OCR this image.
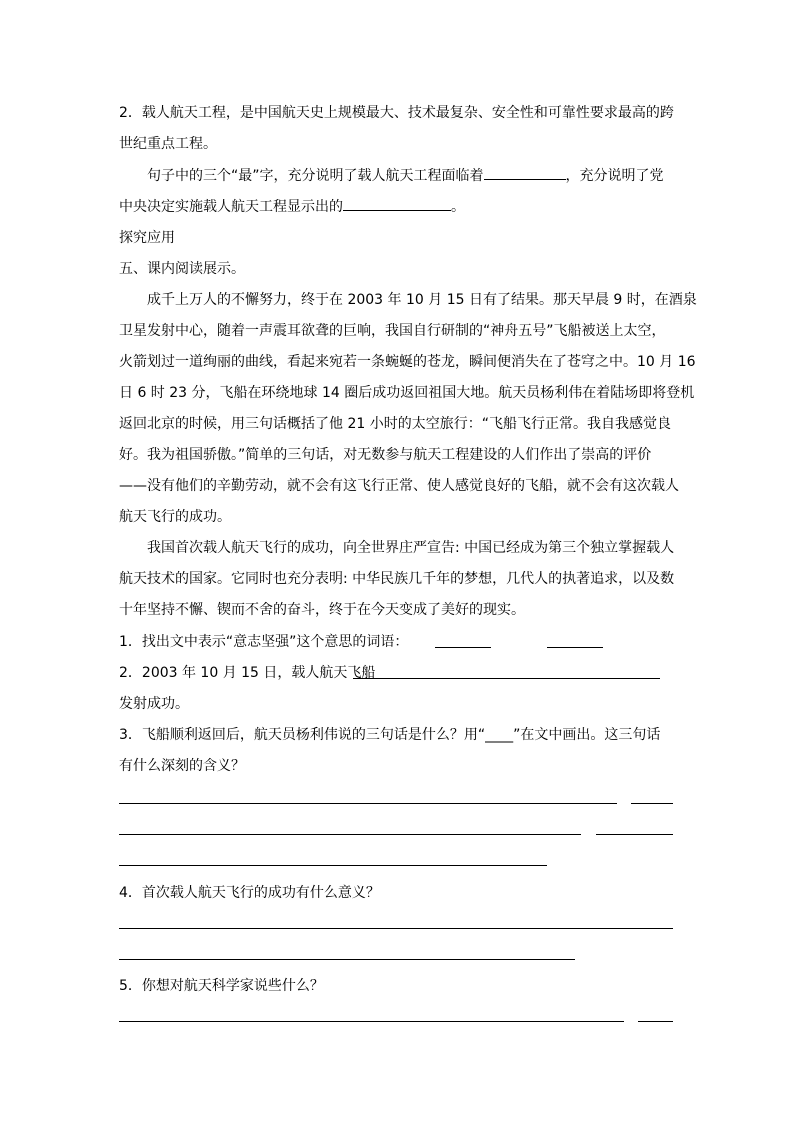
2．载人航天工程，是中国航天史上规模最大、技术最复杂、安全性和可靠性要求最高的跨
世纪重点工程。
句子中的三个“最”字，充分说明了载人航天工程面临着	，充分说明了党
中央决定实施载人航天工程显示出的	。
探究应用
五、课内阅读展示。
成千上万人的不懈努力，终于在 2003 年 10 月 15 日有了结果。那天早晨 9 时，在酒泉
卫星发射中心，随着一声震耳欲聋的巨响，我国自行研制的“神舟五号”飞船被送上太空，
火箭划过一道绚丽的曲线，看起来宛若一条蜿蜒的苍龙，瞬间便消失在了苍穹之中。10 月 16
日 6 时 23 分，飞船在环绕地球 14 圈后成功返回祖国大地。航天员杨利伟在着陆场即将登机
返回北京的时候，用三句话概括了他 21 小时的太空旅行：“飞船飞行正常。我自我感觉良
好。我为祖国骄傲。”简单的三句话，对无数参与航天工程建设的人们作出了崇高的评价
——没有他们的辛勤劳动，就不会有这飞行正常、使人感觉良好的飞船，就不会有这次载人
航天飞行的成功。
我国首次载人航天飞行的成功，向全世界庄严宣告: 中国已经成为第三个独立掌握载人
航天技术的国家。它同时也充分表明: 中华民族几千年的梦想，几代人的执著追求，以及数
十年坚持不懈、锲而不舍的奋斗，终于在今天变成了美好的现实。
1．找出文中表示“意志坚强”这个意思的词语：
2．2003 年 10 月 15 日，载人航天飞船
发射成功。
3．飞船顺利返回后，航天员杨利伟说的三句话是什么？用“____”在文中画出。这三句话
有什么深刻的含义？
4．首次载人航天飞行的成功有什么意义？
5．你想对航天科学家说些什么？
